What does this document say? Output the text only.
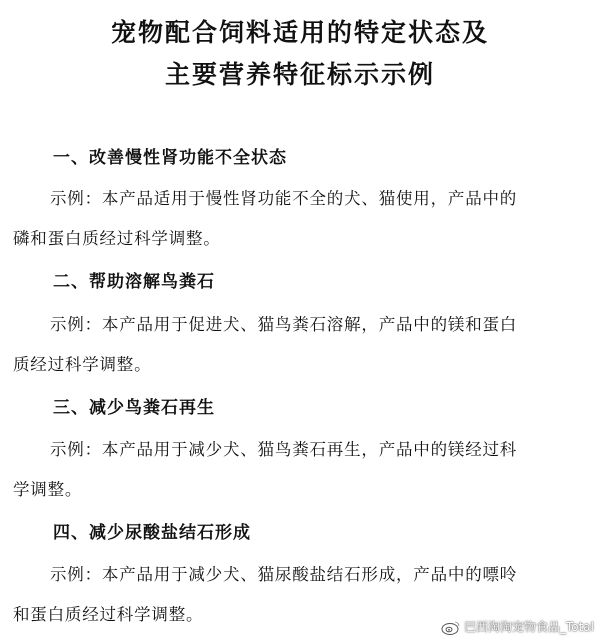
宠物配合饲料适用的特定状态及
主要营养特征标示示例
一、改善慢性肾功能不全状态
示例：本产品适用于慢性肾功能不全的犬、猫使用，产品中的
磷和蛋白质经过科学调整。
二、帮助溶解鸟粪石
示例：本产品用于促进犬、猫鸟粪石溶解，产品中的镁和蛋白
质经过科学调整。
三、减少鸟粪石再生
示例：本产品用于减少犬、猫鸟粪石再生，产品中的镁经过科
学调整。
四、减少尿酸盐结石形成
示例：本产品用于减少犬、猫尿酸盐结石形成，产品中的嘌呤
和蛋白质经过科学调整。
巴西淘淘宠物食品_Total
